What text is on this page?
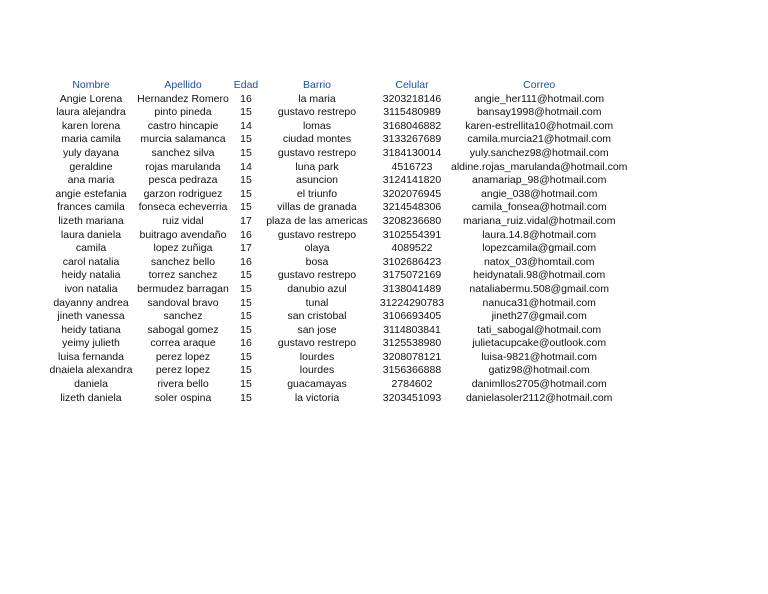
Nombre	Apellido	Edad	Barrio	Celular	Correo
Angie Lorena	Hernandez Romero	16	la maria	3203218146	angie_her111@hotmail.com
laura alejandra	pinto pineda	15	gustavo restrepo	3115480989	bansay1998@hotmail.com
karen lorena	castro hincapie	14	lomas	3168046882	karen-estrellita10@hotmail.com
maria camila	murcia salamanca	15	ciudad montes	3133267689	camila.murcia21@hotmail.com
yuly dayana	sanchez silva	15	gustavo restrepo	3184130014	yuly.sanchez98@hotmail.com
geraldine	rojas marulanda	14	luna park	4516723	aldine.rojas_marulanda@hotmail.com
ana maria	pesca pedraza	15	asuncion	3124141820	anamariap_98@hotmail.com
angie estefania	garzon rodriguez	15	el triunfo	3202076945	angie_038@hotmail.com
frances camila	fonseca echeverria	15	villas de granada	3214548306	camila_fonsea@hotmail.com
lizeth mariana	ruiz vidal	17	plaza de las americas	3208236680	mariana_ruiz.vidal@hotmail.com
laura daniela	buitrago avendaño	16	gustavo restrepo	3102554391	laura.14.8@hotmail.com
camila	lopez zuñiga	17	olaya	4089522	lopezcamila@gmail.com
carol natalia	sanchez bello	16	bosa	3102686423	natox_03@homtail.com
heidy natalia	torrez sanchez	15	gustavo restrepo	3175072169	heidynatali.98@hotmail.com
ivon natalia	bermudez barragan	15	danubio azul	3138041489	nataliabermu.508@gmail.com
dayanny andrea	sandoval bravo	15	tunal	31224290783	nanuca31@hotmail.com
jineth vanessa	sanchez	15	san cristobal	3106693405	jineth27@gmail.com
heidy tatiana	sabogal gomez	15	san jose	3114803841	tati_sabogal@hotmail.com
yeimy julieth	correa araque	16	gustavo restrepo	3125538980	julietacupcake@outlook.com
luisa fernanda	perez lopez	15	lourdes	3208078121	luisa-9821@hotmail.com
dnaiela alexandra	perez lopez	15	lourdes	3156366888	gatiz98@hotmail.com
daniela	rivera bello	15	guacamayas	2784602	danimllos2705@hotmail.com
lizeth daniela	soler ospina	15	la victoria	3203451093	danielasoler2112@hotmail.com
